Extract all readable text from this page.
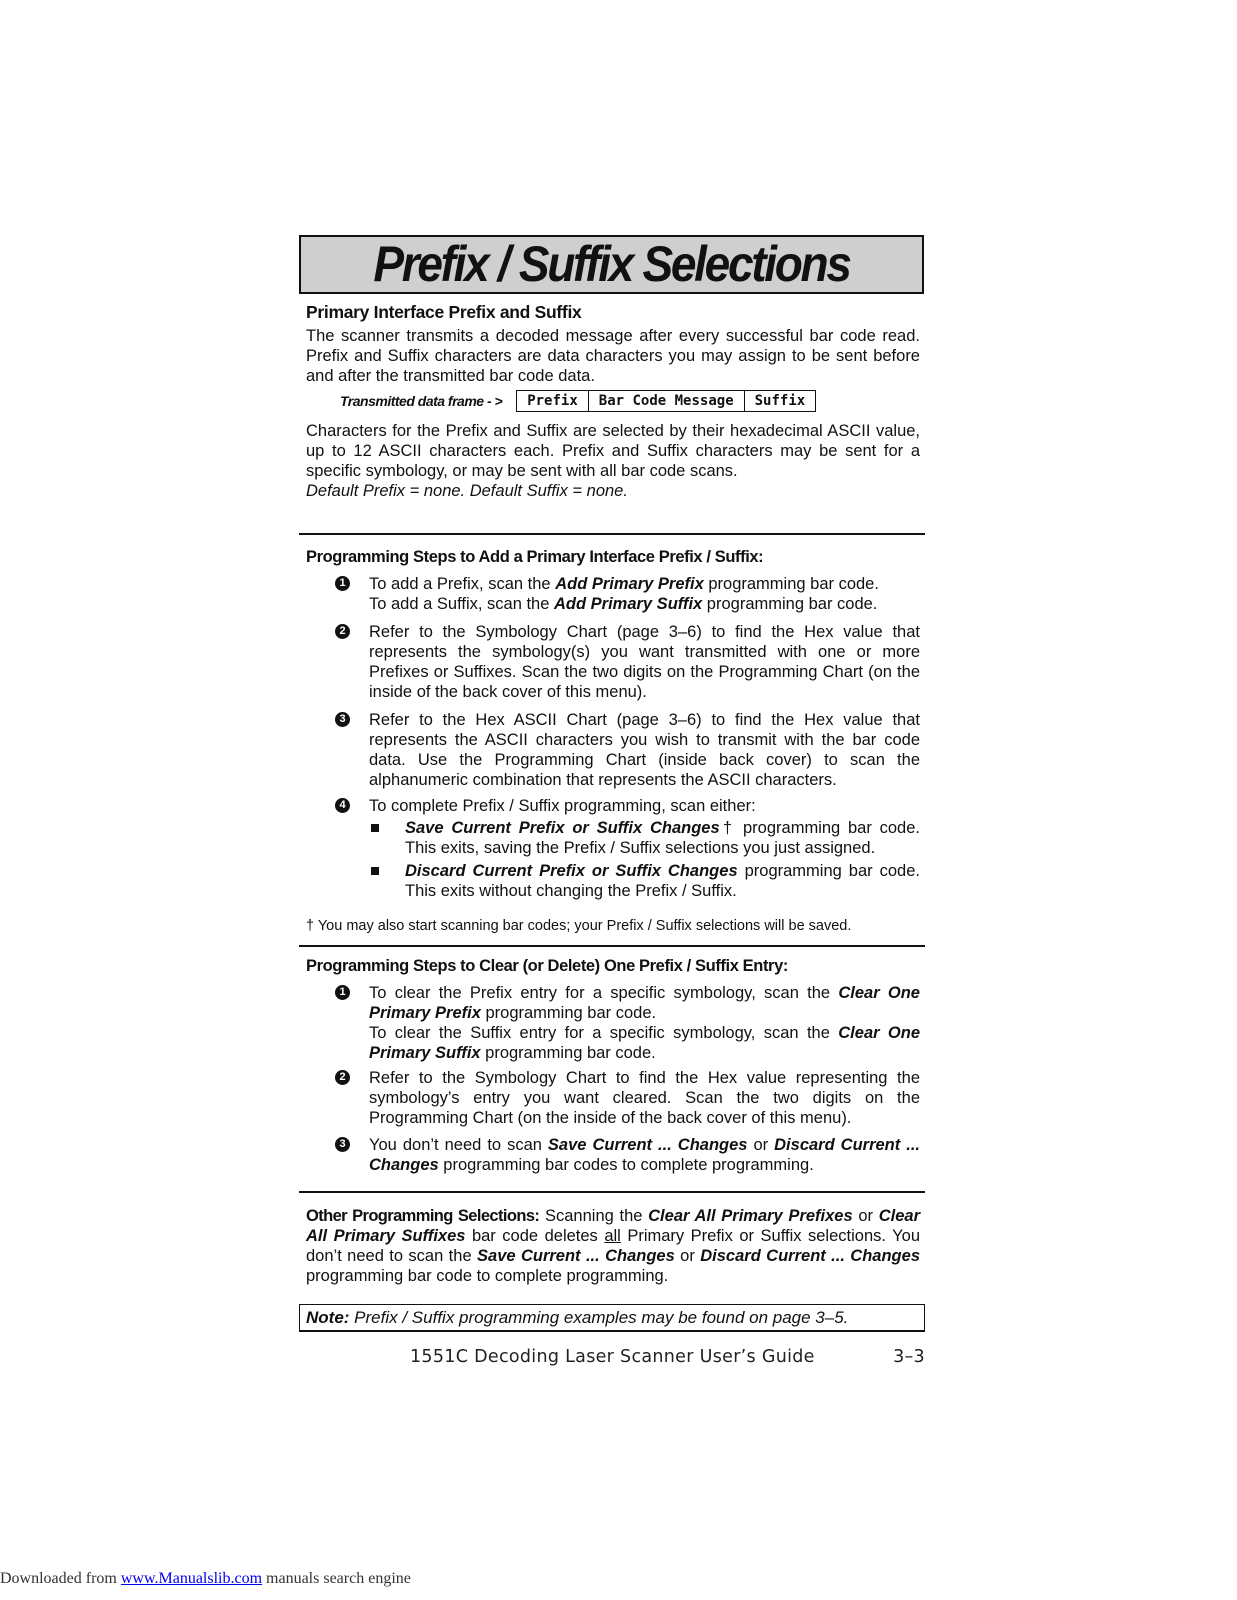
Prefix / Suffix Selections

Primary Interface Prefix and Suffix

The scanner transmits a decoded message after every successful bar code read. Prefix and Suffix characters are data characters you may assign to be sent before and after the transmitted bar code data.

Transmitted data frame - >	Prefix	Bar Code Message	Suffix

Characters for the Prefix and Suffix are selected by their hexadecimal ASCII value, up to 12 ASCII characters each. Prefix and Suffix characters may be sent for a specific symbology, or may be sent with all bar code scans.

Default Prefix = none. Default Suffix = none.

Programming Steps to Add a Primary Interface Prefix / Suffix:

1 To add a Prefix, scan the Add Primary Prefix programming bar code.
To add a Suffix, scan the Add Primary Suffix programming bar code.
2 Refer to the Symbology Chart (page 3–6) to find the Hex value that represents the symbology(s) you want transmitted with one or more Prefixes or Suffixes. Scan the two digits on the Programming Chart (on the inside of the back cover of this menu).
3 Refer to the Hex ASCII Chart (page 3–6) to find the Hex value that represents the ASCII characters you wish to transmit with the bar code data. Use the Programming Chart (inside back cover) to scan the alphanumeric combination that represents the ASCII characters.
4 To complete Prefix / Suffix programming, scan either:
Save Current Prefix or Suffix Changes† programming bar code. This exits, saving the Prefix / Suffix selections you just assigned.
Discard Current Prefix or Suffix Changes programming bar code. This exits without changing the Prefix / Suffix.
† You may also start scanning bar codes; your Prefix / Suffix selections will be saved.

Programming Steps to Clear (or Delete) One Prefix / Suffix Entry:

1 To clear the Prefix entry for a specific symbology, scan the Clear One Primary Prefix programming bar code.
To clear the Suffix entry for a specific symbology, scan the Clear One Primary Suffix programming bar code.
2 Refer to the Symbology Chart to find the Hex value representing the symbology’s entry you want cleared. Scan the two digits on the Programming Chart (on the inside of the back cover of this menu).
3 You don’t need to scan Save Current ... Changes or Discard Current ... Changes programming bar codes to complete programming.

Other Programming Selections: Scanning the Clear All Primary Prefixes or Clear All Primary Suffixes bar code deletes all Primary Prefix or Suffix selections. You don’t need to scan the Save Current ... Changes or Discard Current ... Changes programming bar code to complete programming.

Note: Prefix / Suffix programming examples may be found on page 3–5.
1551C Decoding Laser Scanner User’s Guide	3–3
Downloaded from www.Manualslib.com manuals search engine
